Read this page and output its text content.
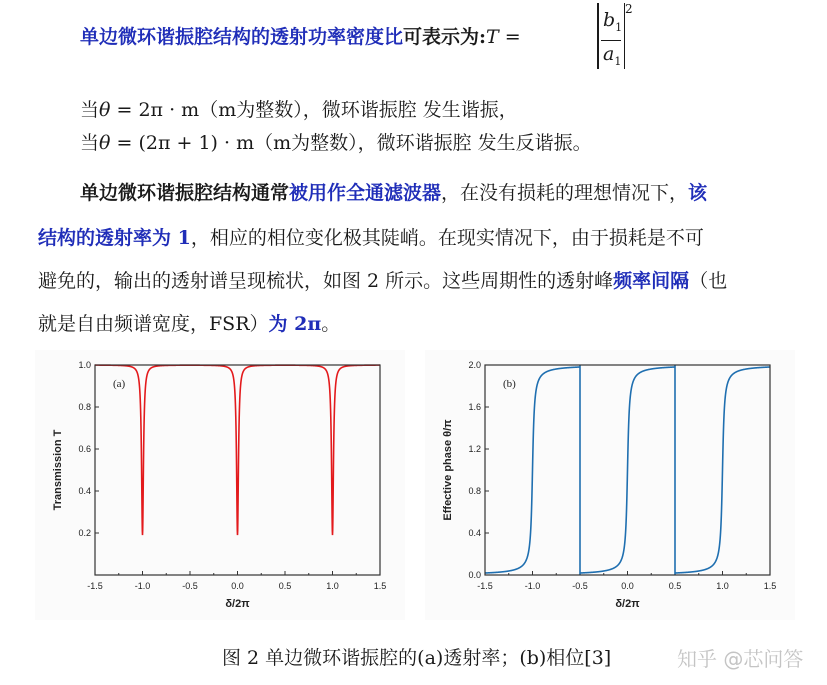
单边微环谐振腔结构的透射功率密度比可表示为:T =
$b_1$
$a_1$
2
当θ = 2π · m（m为整数），微环谐振腔 发生谐振，
当θ = (2π + 1) · m（m为整数），微环谐振腔 发生反谐振。
单边微环谐振腔结构通常被用作全通滤波器，在没有损耗的理想情况下，该
结构的透射率为 1，相应的相位变化极其陡峭。在现实情况下，由于损耗是不可
避免的，输出的透射谱呈现梳状，如图 2 所示。这些周期性的透射峰频率间隔（也
就是自由频谱宽度，FSR）为 2π。
-1.5	-1.0	-0.5	0.0	0.5	1.0	1.5
0.2
0.4
0.6
0.8
1.0
(a)
δ/2π
Transmission T
-1.5	-1.0	-0.5	0.0	0.5	1.0	1.5
0.0
0.4
0.8
1.2
1.6
2.0
(b)
δ/2π
Effective phase θ/π
图 2 单边微环谐振腔的(a)透射率；(b)相位[3]	知乎 @芯问答
